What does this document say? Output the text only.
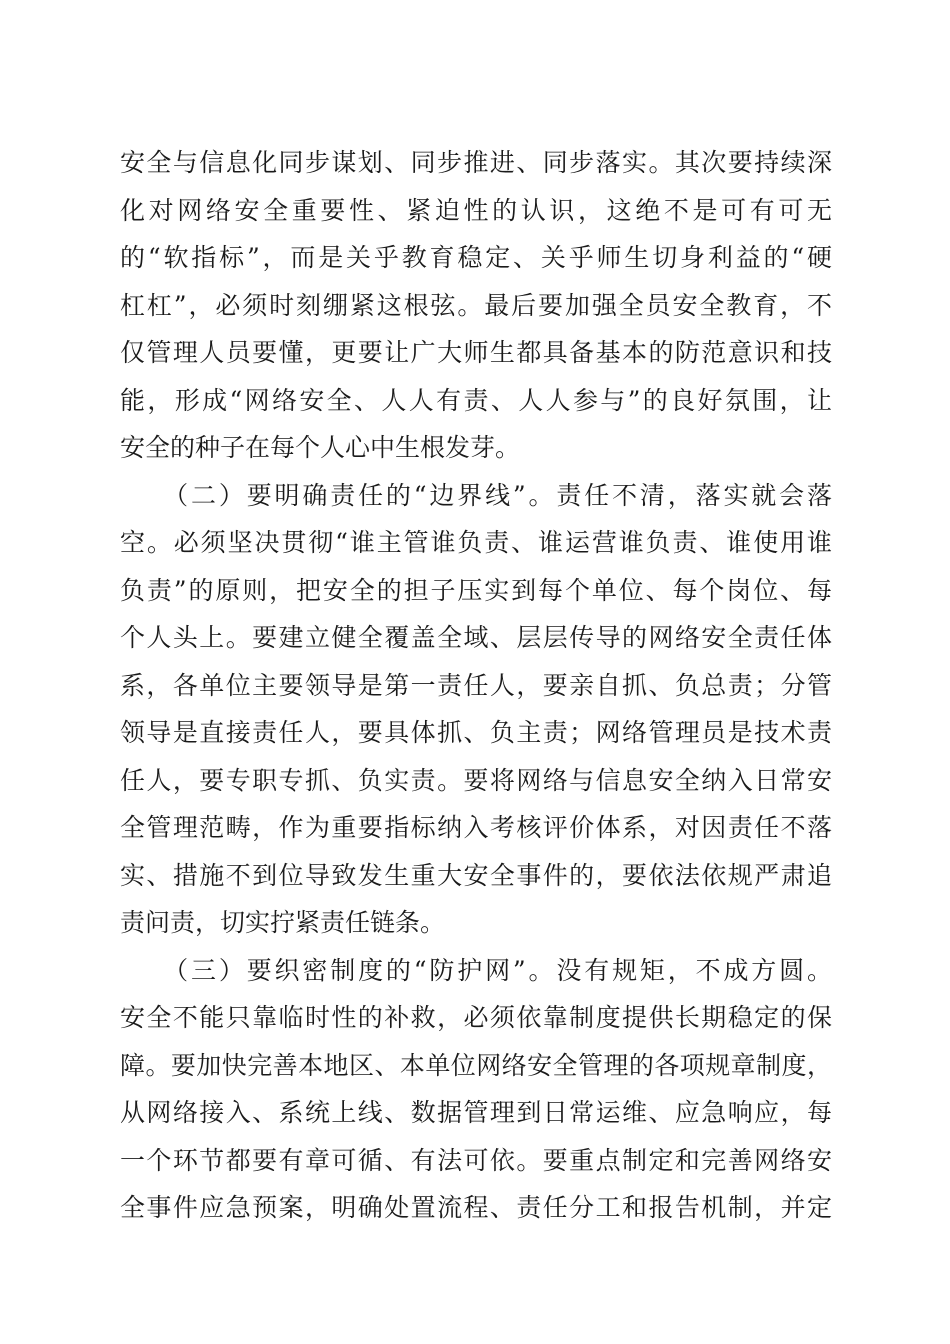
安全与信息化同步谋划、同步推进、同步落实。其次要持续深
化对网络安全重要性、紧迫性的认识，这绝不是可有可无
的“软指标”，而是关乎教育稳定、关乎师生切身利益的“硬
杠杠”，必须时刻绷紧这根弦。最后要加强全员安全教育，不
仅管理人员要懂，更要让广大师生都具备基本的防范意识和技
能，形成“网络安全、人人有责、人人参与”的良好氛围，让
安全的种子在每个人心中生根发芽。
　　（二）要明确责任的“边界线”。责任不清，落实就会落
空。必须坚决贯彻“谁主管谁负责、谁运营谁负责、谁使用谁
负责”的原则，把安全的担子压实到每个单位、每个岗位、每
个人头上。要建立健全覆盖全域、层层传导的网络安全责任体
系，各单位主要领导是第一责任人，要亲自抓、负总责；分管
领导是直接责任人，要具体抓、负主责；网络管理员是技术责
任人，要专职专抓、负实责。要将网络与信息安全纳入日常安
全管理范畴，作为重要指标纳入考核评价体系，对因责任不落
实、措施不到位导致发生重大安全事件的，要依法依规严肃追
责问责，切实拧紧责任链条。
　　（三）要织密制度的“防护网”。没有规矩，不成方圆。
安全不能只靠临时性的补救，必须依靠制度提供长期稳定的保
障。要加快完善本地区、本单位网络安全管理的各项规章制度，
从网络接入、系统上线、数据管理到日常运维、应急响应，每
一个环节都要有章可循、有法可依。要重点制定和完善网络安
全事件应急预案，明确处置流程、责任分工和报告机制，并定
